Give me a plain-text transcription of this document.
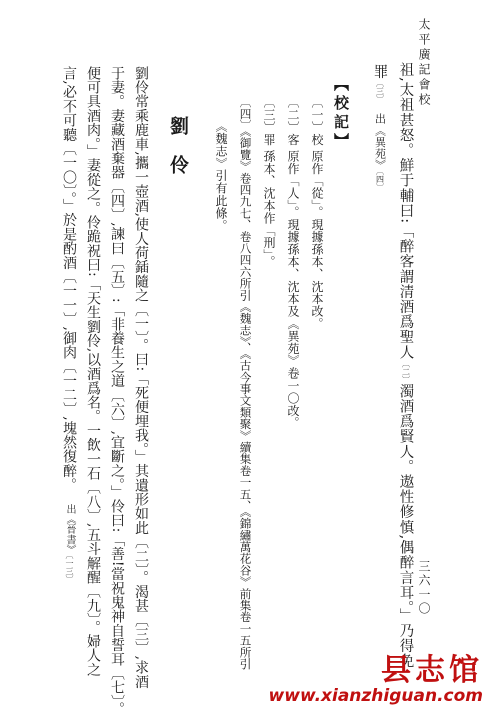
太平廣記會校
三六一〇
祖,太祖甚怒。鮮于輔曰:「醉客謂清酒爲聖人〔二〕濁酒爲賢人。遨性修慎,偶醉言耳。」乃得免
罪〔三〕出《異苑》〔四〕
【校記】
〔一〕校 原作「從」。現據孫本、沈本改。
〔二〕客 原作「人」。現據孫本、沈本及《異苑》卷一〇改。
〔三〕罪 孫本、沈本作「刑」。
〔四〕《御覽》卷四九七、卷八四六所引《魏志》、《古今事文類聚》續集卷一五、《錦繡萬花谷》前集卷一五所引
《魏志》引有此條。
劉伶
劉伶常乘鹿車,攜一壺酒,使人荷鍤隨之〔一〕。曰:「死便埋我。」其遺形如此〔二〕。渴甚〔三〕,求酒
于妻。妻藏酒棄器〔四〕,諫曰〔五〕:「非養生之道〔六〕,宜斷之。」伶曰:「善!當祝鬼神自誓耳〔七〕。
便可具酒肉。」妻從之。伶跪祝曰:「天生劉伶,以酒爲名。一飲一石〔八〕,五斗解醒〔九〕。婦人之
言,必不可聽〔一〇〕。」於是酌酒〔一一〕,御肉〔一二〕,塊然復醉。出《晉書》〔一三〕
县志馆
www.xianzhiguan.com
